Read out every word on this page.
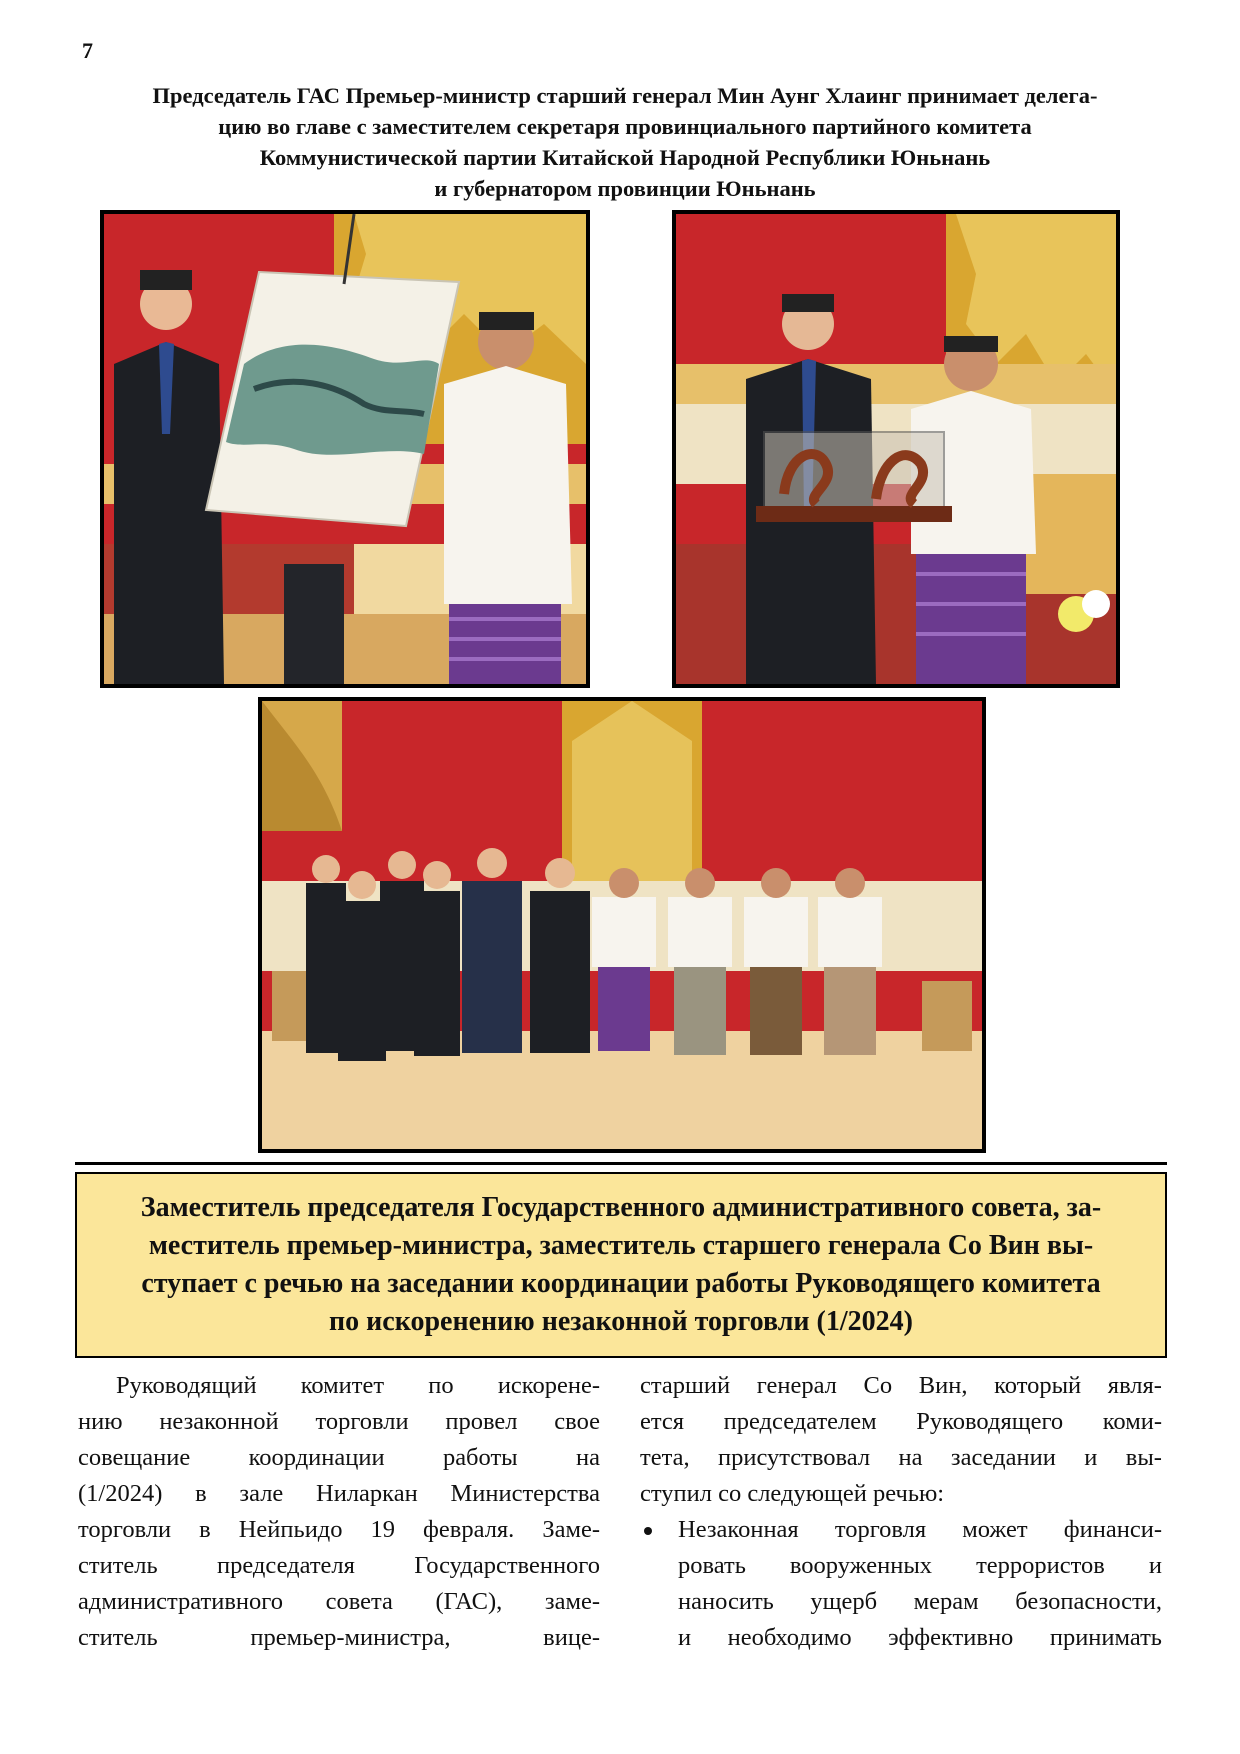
7
Председатель ГАС Премьер-министр старший генерал Мин Аунг Хлаинг принимает делега-
цию во главе с заместителем секретаря провинциального партийного комитета
Коммунистической партии Китайской Народной Республики Юньнань
и губернатором провинции Юньнань
Заместитель председателя Государственного административного совета, за-
меститель премьер-министра, заместитель старшего генерала Со Вин вы-
ступает с речью на заседании координации работы Руководящего комитета
по искоренению незаконной торговли (1/2024)
Руководящий комитет по искорене-
нию незаконной торговли провел свое
совещание координации работы на
(1/2024) в зале Ниларкан Министерства
торговли в Нейпьидо 19 февраля. Заме-
ститель председателя Государственного
административного совета (ГАС), заме-
ститель	премьер-министра,	вице-
старший генерал Со Вин, который явля-
ется председателем Руководящего коми-
тета, присутствовал на заседании и вы-
ступил со следующей речью:
Незаконная торговля может финанси-
ровать вооруженных террористов и
наносить ущерб мерам безопасности,
и необходимо эффективно принимать
